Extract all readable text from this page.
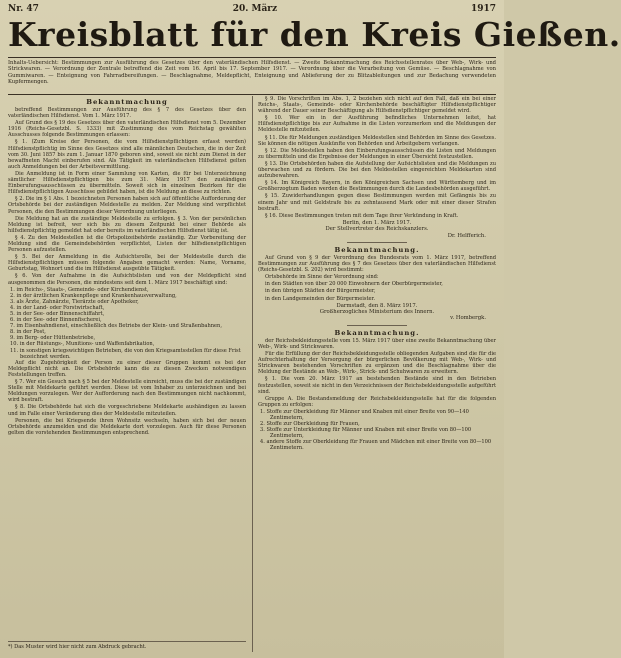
Nr. 47	20. März	1917
Kreisblatt für den Kreis Gießen.
Inhalts-Uebersicht: Bestimmungen zur Ausführung des Gesetzes über den vaterländischen Hilfsdienst. — Zweite Bekanntmachung des Reichsstellenrates über Web-, Wirk- und Strickwaren. — Verordnung der Zentrale betreffend die Zeit vom 16. April bis 17. September 1917. — Verordnung über die Verarbeitung von Gemüse. — Beschlagnahme von Gummiwaren. — Enteignung von Fahrradbereifungen. — Beschlagnahme, Meldepflicht, Enteignung und Ablieferung der zu Blitzableitungen und zur Bedachung verwendeten Kupfermengen.
Bekanntmachung

betreffend Bestimmungen zur Ausführung des § 7 des Gesetzes über den vaterländischen Hilfsdienst. Vom 1. März 1917.

Auf Grund des § 19 des Gesetzes über den vaterländischen Hilfsdienst vom 5. Dezember 1916 (Reichs-Gesetzbl. S. 1333) mit Zustimmung des vom Reichstag gewählten Ausschusses folgende Bestimmungen erlassen:

§ 1. (Zum Kreise der Personen, die vom Hilfsdienstpflichtigen erfasst werden) Hilfsdienstpflichtig im Sinne des Gesetzes sind alle männlichen Deutschen, die in der Zeit vom 30. Juni 1857 bis zum 1. Januar 1870 geboren sind, soweit sie nicht zum Dienst in der bewaffneten Macht einberufen sind. Als Tätigkeit im vaterländischen Hilfsdienst gelten auch Anmeldungen bei der Arbeitsvermittlung.

Die Anmeldung ist in Form einer Sammlung von Karten, die für bei Unterzeichnung sämtlicher Hilfsdienstpflichtigen bis zum 31. März 1917 den zuständigen Einberufungsausschüssen zu übermitteln. Soweit sich in einzelnen Bezirken für die Hilfsdienstpflichtigen Ausschüsse gebildet haben, ist die Meldung an diese zu richten.

§ 2. Die im § 1 Abs. 1 bezeichneten Personen haben sich auf öffentliche Aufforderung der Ortsbehörde bei der zuständigen Meldestelle zu melden. Zur Meldung sind verpflichtet Personen, die den Bestimmungen dieser Verordnung unterliegen.

Die Meldung hat an die zuständige Meldestelle zu erfolgen. § 3. Von der persönlichen Meldung ist befreit, wer sich bis zu diesem Zeitpunkt bei einer Behörde als hilfsdienstpflichtig gemeldet hat oder bereits im vaterländischen Hilfsdienst tätig ist.

§ 4. Zu den Meldestellen ist die Ortspolizeibehörde zuständig. Zur Vorbereitung der Meldung sind die Gemeindebehörden verpflichtet, Listen der hilfsdienstpflichtigen Personen aufzustellen.

§ 5. Bei der Anmeldung in die Aufsichtsrolle, bei der Meldestelle durch die Hilfsdienstpflichtigen müssen folgende Angaben gemacht werden: Name, Vorname, Geburtstag, Wohnort und die im Hilfsdienst ausgeübte Tätigkeit.

§ 6. Von der Aufnahme in die Aufsichtslisten und von der Meldepflicht sind ausgenommen die Personen, die mindestens seit dem 1. März 1917 beschäftigt sind:

1. im Reichs-, Staats-, Gemeinde- oder Kirchendienst,
2. in der ärztlichen Krankenpflege und Krankenhausverwaltung,
3. als Ärzte, Zahnärzte, Tierärzte oder Apotheker,
4. in der Land- oder Forstwirtschaft,
5. in der See- oder Binnenschiffahrt,
6. in der See- oder Binnenfischerei,
7. im Eisenbahndienst, einschließlich des Betriebs der Klein- und Straßenbahnen,
8. in der Post,
9. im Berg- oder Hüttenbetriebe,
10. in der Rüstungs-, Munitions- und Waffenfabrikation,
11. in sonstigen kriegswichtigen Betrieben, die von den Kriegsamtsstellen für diese Frist bezeichnet werden.

Auf die Zugehörigkeit der Person zu einer dieser Gruppen kommt es bei der Meldepflicht nicht an. Die Ortsbehörde kann die zu diesen Zwecken notwendigen Feststellungen treffen.

§ 7. Wer ein Gesuch nach § 5 bei der Meldestelle einreicht, muss die bei der zuständigen Stelle mit Meldekarte geführt werden. Diese ist vom Inhaber zu unterzeichnen und bei Meldungen vorzulegen. Wer der Aufforderung nach den Bestimmungen nicht nachkommt, wird bestraft.

§ 8. Die Ortsbehörde hat sich die vorgeschriebene Meldekarte aushändigen zu lassen und im Falle einer Veränderung dies der Meldestelle mitzuteilen.

Personen, die bei Kriegsende ihren Wohnsitz wechseln, haben sich bei der neuen Ortsbehörde anzumelden und die Meldekarte dort vorzulegen. Auch für diese Personen gelten die vorstehenden Bestimmungen entsprechend.

*) Das Muster wird hier nicht zum Abdruck gebracht.

§ 9. Die Vorschriften im Abs. 1, 2 beziehen sich nicht auf den Fall, daß ein bei einer Reichs-, Staats-, Gemeinde- oder Kirchenbehörde beschäftigter Hilfsdienstpflichtiger während der Dauer seiner Beschäftigung als Hilfsdienstpflichtiger gemeldet wird.

§ 10. Wer ein in der Ausführung befindliches Unternehmen leitet, hat Hilfsdienstpflichtige bis zur Aufnahme in die Listen vorzumerken und die Meldungen der Meldestelle mitzuteilen.

§ 11. Die für Meldungen zuständigen Meldestellen sind Behörden im Sinne des Gesetzes. Sie können die nötigen Auskünfte von Behörden und Arbeitgebern verlangen.

§ 12. Die Meldestellen haben den Einberufungsausschüssen die Listen und Meldungen zu übermitteln und die Ergebnisse der Meldungen in einer Übersicht festzustellen.

§ 13. Die Ortsbehörden haben die Aufstellung der Aufsichtslisten und die Meldungen zu überwachen und zu fördern. Die bei den Meldestellen eingereichten Meldekarten sind aufzubewahren.

§ 14. Im Königreich Bayern, in den Königreichen Sachsen und Württemberg und im Großherzogtum Baden werden die Bestimmungen durch die Landesbehörden ausgeführt.

§ 15. Zuwiderhandlungen gegen diese Bestimmungen werden mit Gefängnis bis zu einem Jahr und mit Geldstrafe bis zu zehntausend Mark oder mit einer dieser Strafen bestraft.

§ 16. Diese Bestimmungen treten mit dem Tage ihrer Verkündung in Kraft.

Berlin, den 1. März 1917.
Der Stellvertreter des Reichskanzlers.
Dr. Helfferich.
Bekanntmachung.

Auf Grund von § 9 der Verordnung des Bundesrats vom 1. März 1917, betreffend Bestimmungen zur Ausführung des § 7 des Gesetzes über den vaterländischen Hilfsdienst (Reichs-Gesetzbl. S. 202) wird bestimmt:

Ortsbehörde im Sinne der Verordnung sind:

in den Städten von über 20 000 Einwohnern der Oberbürgermeister,

in den übrigen Städten der Bürgermeister,

in den Landgemeinden der Bürgermeister.

Darmstadt, den 8. März 1917.
Großherzogliches Ministerium des Innern.
v. Hombergk.
Bekanntmachung.

der Reichsbekleidungsstelle vom 15. März 1917 über eine zweite Bekanntmachung über Web-, Wirk- und Strickwaren.

Für die Erfüllung der der Reichsbekleidungsstelle obliegenden Aufgaben sind die für die Aufrechterhaltung der Versorgung der bürgerlichen Bevölkerung mit Web-, Wirk- und Strickwaren bestehenden Vorschriften zu ergänzen und die Beschlagnahme über die Meldung der Bestände an Web-, Wirk-, Strick- und Schuhwaren zu erweitern.

§ 1. Die vom 20. März 1917 an bestehenden Bestände sind in den Betrieben festzustellen, soweit sie nicht in den Verzeichnissen der Reichsbekleidungsstelle aufgeführt sind.

Gruppe A. Die Bestandsmeldung der Reichsbekleidungsstelle hat für die folgenden Gruppen zu erfolgen:

1. Stoffe zur Oberkleidung für Männer und Knaben mit einer Breite von 90—140 Zentimetern,
2. Stoffe zur Oberkleidung für Frauen,
3. Stoffe zur Unterkleidung für Männer und Knaben mit einer Breite von 80—100 Zentimetern,
4. andere Stoffe zur Oberkleidung für Frauen und Mädchen mit einer Breite von 80—100 Zentimetern.
